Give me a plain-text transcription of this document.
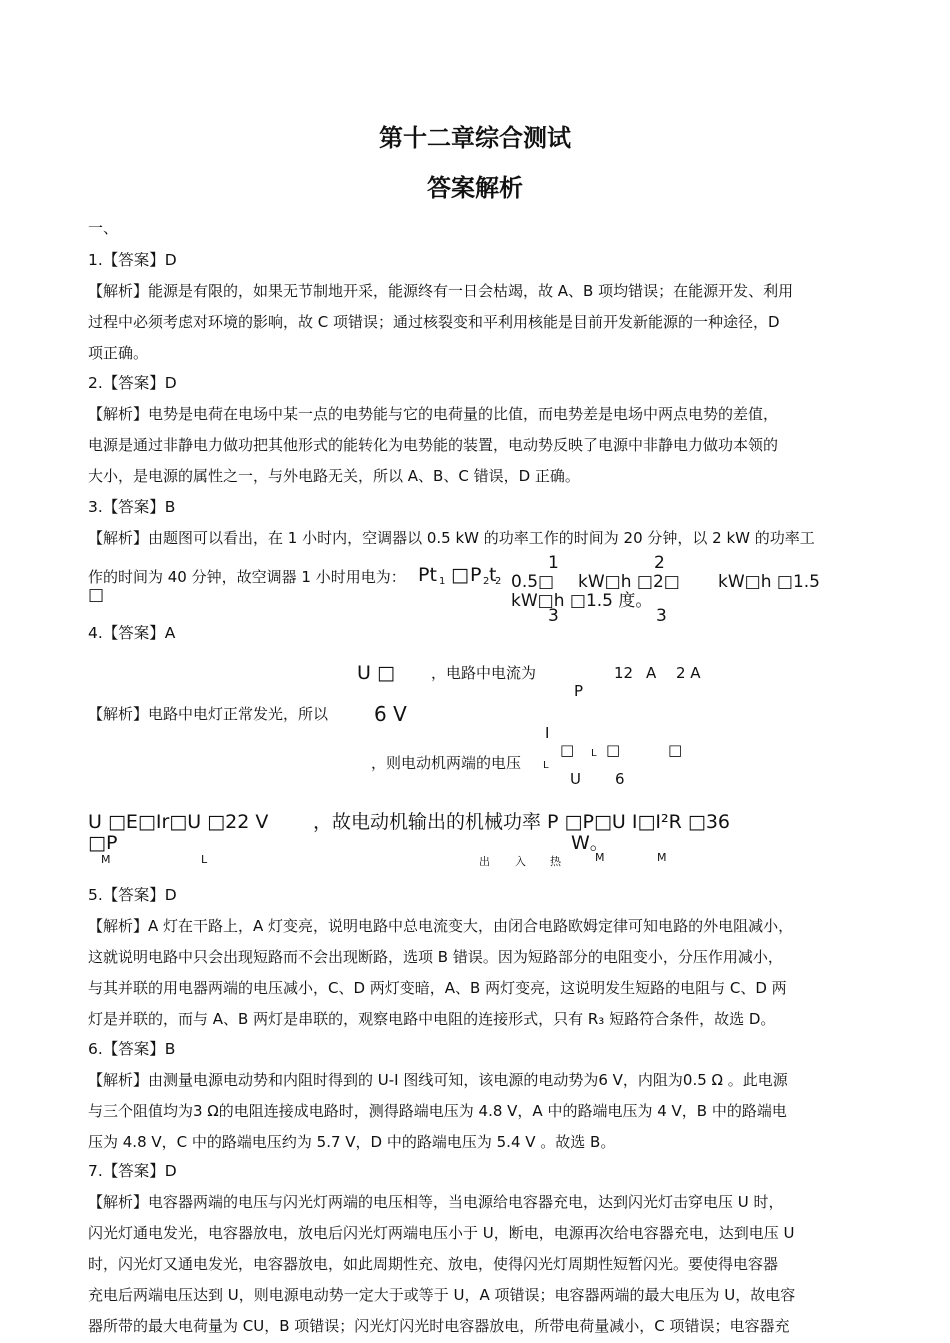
第十二章综合测试
答案解析
一、
1.【答案】D
【解析】能源是有限的，如果无节制地开采，能源终有一日会枯竭，故 A、B 项均错误；在能源开发、利用
过程中必须考虑对环境的影响，故 C 项错误；通过核裂变和平利用核能是目前开发新能源的一种途径，D
项正确。
2.【答案】D
【解析】电势是电荷在电场中某一点的电势能与它的电荷量的比值，而电势差是电场中两点电势的差值，
电源是通过非静电力做功把其他形式的能转化为电势能的装置，电动势反映了电源中非静电力做功本领的
大小，是电源的属性之一，与外电路无关，所以 A、B、C 错误，D 正确。
3.【答案】B
【解析】由题图可以看出，在 1 小时内，空调器以 0.5 kW 的功率工作的时间为 20 分钟，以 2 kW 的功率工
作的时间为 40 分钟，故空调器 1 小时用电为： Pt 1 □ P 2 t
2
1	2
0.5□ kW□h □2□ kW□h □1.5
□	kW□h □1.5 度。
3	3
4.【答案】A
U □ ，电路中电流为
P
12 A 2 A
【解析】电路中电灯正常发光，所以 6 V
I
□ L □	□
，则电动机两端的电压 L
U 6
U □E□Ir□U □22 V ，故电动机输出的机械功率 P □P□U I□I²R □36
□P	W。
M	L	出 入 热	M	M
5.【答案】D
【解析】A 灯在干路上，A 灯变亮，说明电路中总电流变大，由闭合电路欧姆定律可知电路的外电阻减小，
这就说明电路中只会出现短路而不会出现断路，选项 B 错误。因为短路部分的电阻变小，分压作用减小，
与其并联的用电器两端的电压减小，C、D 两灯变暗，A、B 两灯变亮，这说明发生短路的电阻与 C、D 两
灯是并联的，而与 A、B 两灯是串联的，观察电路中电阻的连接形式，只有 R₃ 短路符合条件，故选 D。
6.【答案】B
【解析】由测量电源电动势和内阻时得到的 U-I 图线可知，该电源的电动势为6 V，内阻为0.5 Ω 。此电源
与三个阻值均为3 Ω的电阻连接成电路时，测得路端电压为 4.8 V，A 中的路端电压为 4 V，B 中的路端电
压为 4.8 V，C 中的路端电压约为 5.7 V，D 中的路端电压为 5.4 V 。故选 B。
7.【答案】D
【解析】电容器两端的电压与闪光灯两端的电压相等，当电源给电容器充电，达到闪光灯击穿电压 U 时，
闪光灯通电发光，电容器放电，放电后闪光灯两端电压小于 U，断电，电源再次给电容器充电，达到电压 U
时，闪光灯又通电发光，电容器放电，如此周期性充、放电，使得闪光灯周期性短暂闪光。要使得电容器
充电后两端电压达到 U，则电源电动势一定大于或等于 U，A 项错误；电容器两端的最大电压为 U，故电容
器所带的最大电荷量为 CU，B 项错误；闪光灯闪光时电容器放电，所带电荷量减小，C 项错误；电容器充
